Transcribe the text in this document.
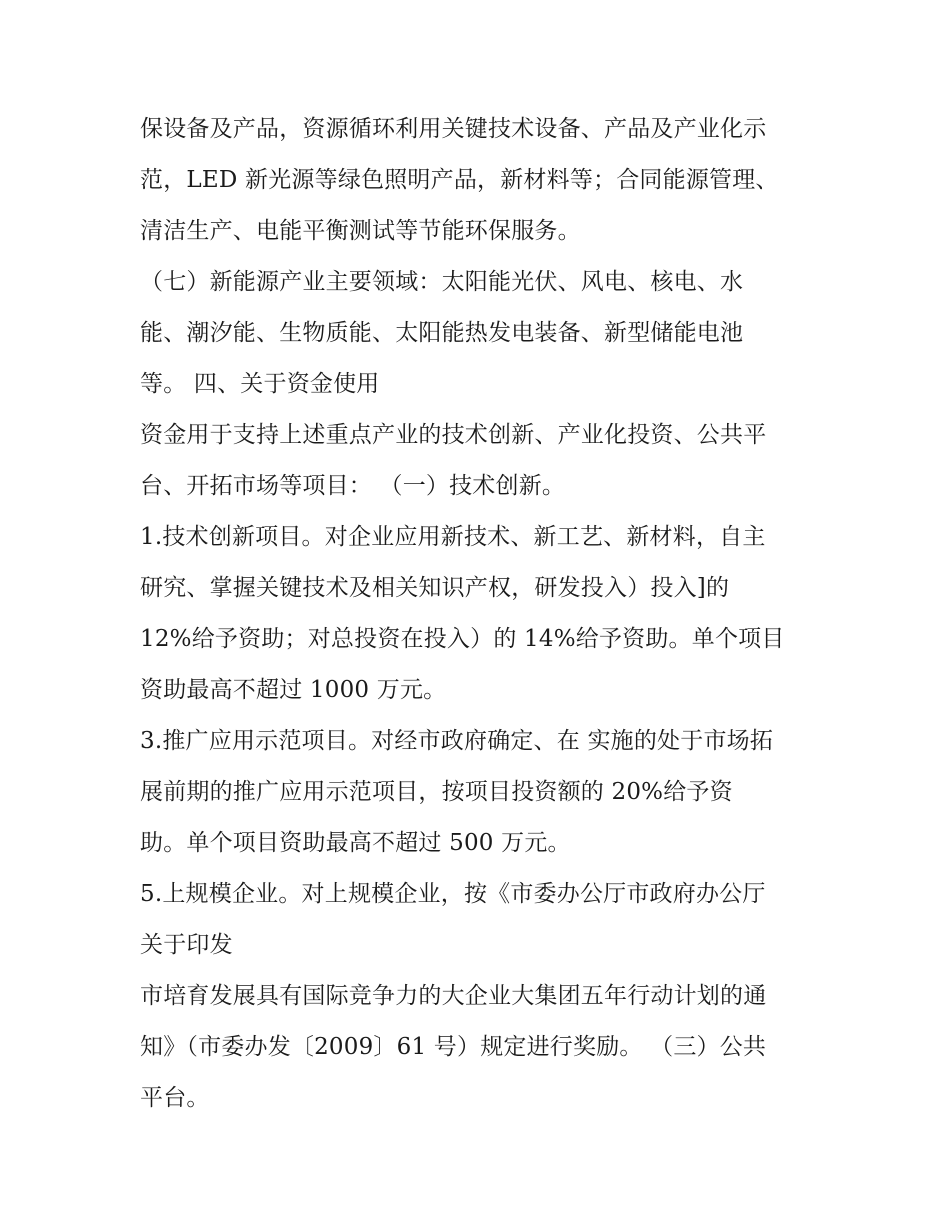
保设备及产品，资源循环利用关键技术设备、产品及产业化示
范，LED 新光源等绿色照明产品，新材料等；合同能源管理、
清洁生产、电能平衡测试等节能环保服务。
（七）新能源产业主要领域：太阳能光伏、风电、核电、水
能、潮汐能、生物质能、太阳能热发电装备、新型储能电池
等。 四、关于资金使用
资金用于支持上述重点产业的技术创新、产业化投资、公共平
台、开拓市场等项目： （一）技术创新。
1.技术创新项目。对企业应用新技术、新工艺、新材料，自主
研究、掌握关键技术及相关知识产权，研发投入）投入]的
12%给予资助；对总投资在投入）的 14%给予资助。单个项目
资助最高不超过 1000 万元。
3.推广应用示范项目。对经市政府确定、在 实施的处于市场拓
展前期的推广应用示范项目，按项目投资额的 20%给予资
助。单个项目资助最高不超过 500 万元。
5.上规模企业。对上规模企业，按《市委办公厅市政府办公厅
关于印发
市培育发展具有国际竞争力的大企业大集团五年行动计划的通
知》（市委办发〔2009〕61 号）规定进行奖励。 （三）公共
平台。
